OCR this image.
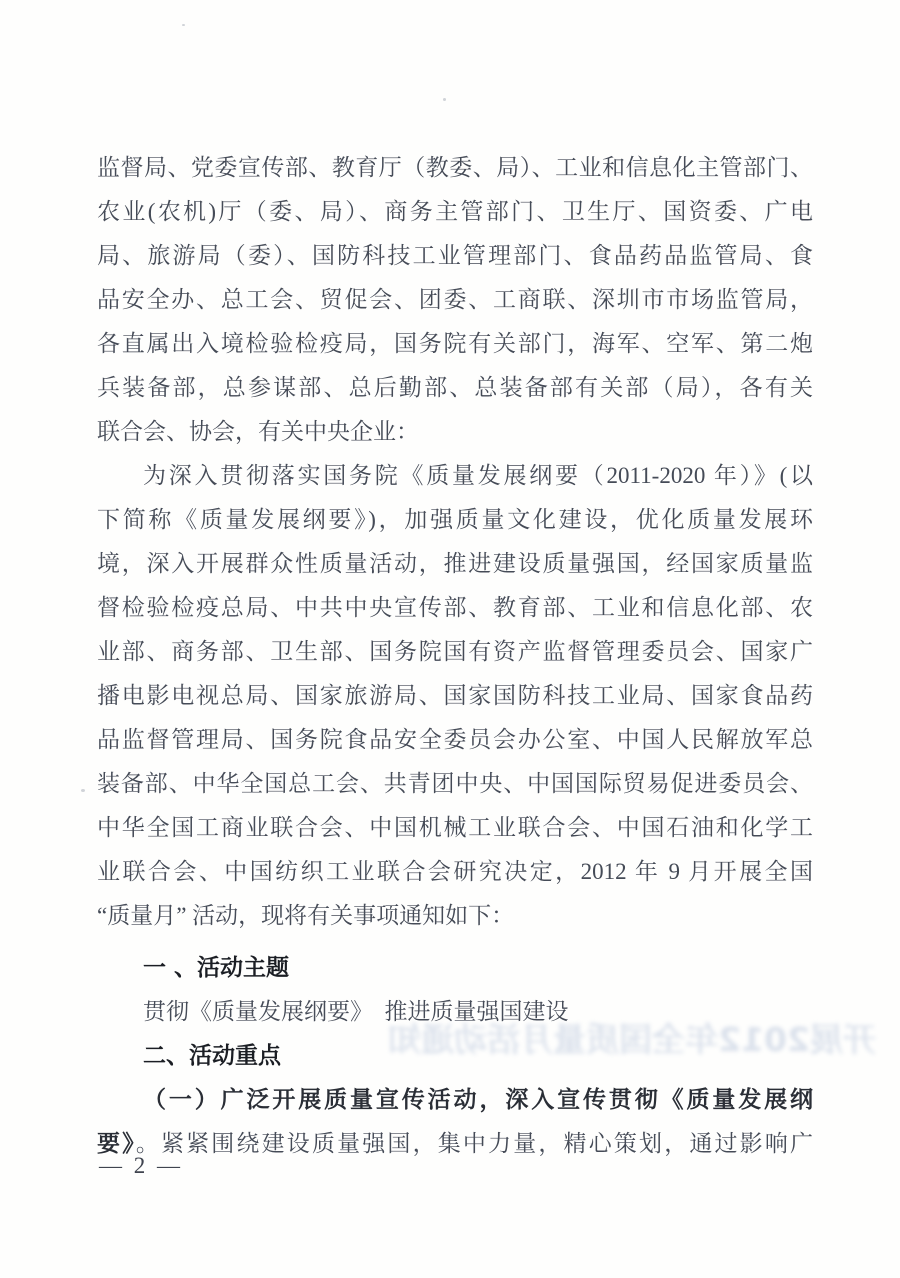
开展2012年全国质量月活动通知
监督局、党委宣传部、教育厅（教委、局）、工业和信息化主管部门、
农业(农机)厅（委、局）、商务主管部门、卫生厅、国资委、广电
局、旅游局（委）、国防科技工业管理部门、食品药品监管局、食
品安全办、总工会、贸促会、团委、工商联、深圳市市场监管局，
各直属出入境检验检疫局，国务院有关部门，海军、空军、第二炮
兵装备部，总参谋部、总后勤部、总装备部有关部（局），各有关
联合会、协会，有关中央企业：
为深入贯彻落实国务院《质量发展纲要（2011-2020 年）》(以
下简称《质量发展纲要》)，加强质量文化建设，优化质量发展环
境，深入开展群众性质量活动，推进建设质量强国，经国家质量监
督检验检疫总局、中共中央宣传部、教育部、工业和信息化部、农
业部、商务部、卫生部、国务院国有资产监督管理委员会、国家广
播电影电视总局、国家旅游局、国家国防科技工业局、国家食品药
品监督管理局、国务院食品安全委员会办公室、中国人民解放军总
装备部、中华全国总工会、共青团中央、中国国际贸易促进委员会、
中华全国工商业联合会、中国机械工业联合会、中国石油和化学工
业联合会、中国纺织工业联合会研究决定，2012 年 9 月开展全国
“质量月” 活动，现将有关事项通知如下：
一 、活动主题
贯彻《质量发展纲要》　推进质量强国建设
二、活动重点
（一）广泛开展质量宣传活动，深入宣传贯彻《质量发展纲
要》。紧紧围绕建设质量强国，集中力量，精心策划，通过影响广
— 2 —
